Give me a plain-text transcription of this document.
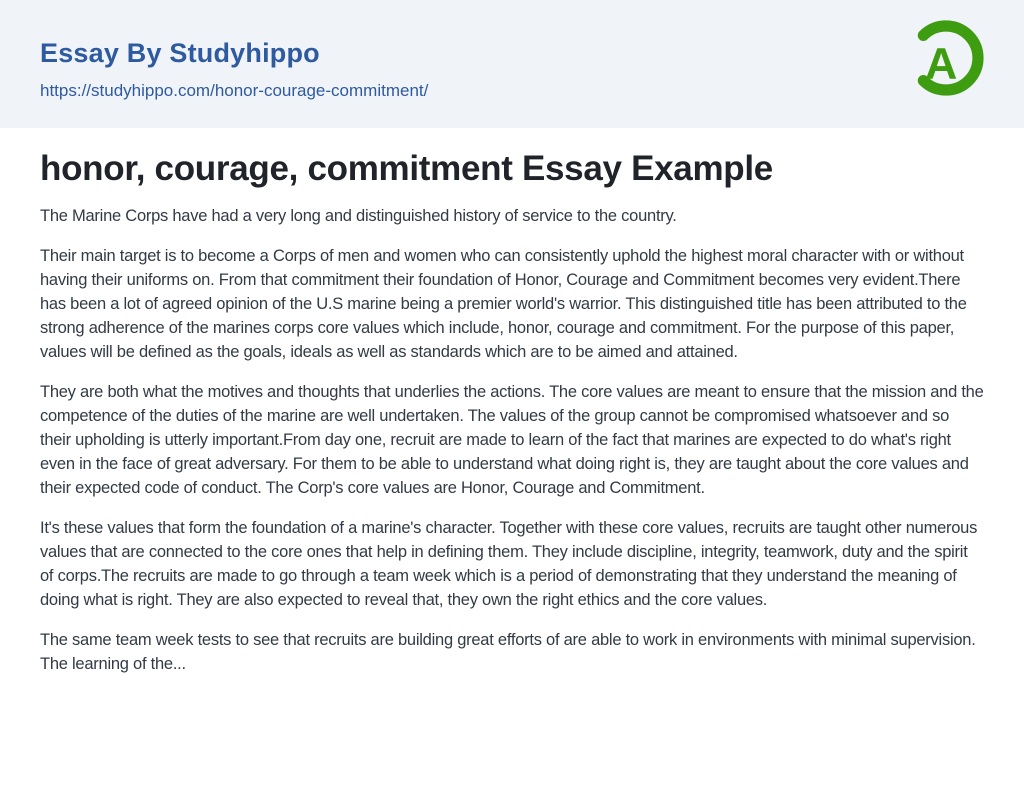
Essay By Studyhippo
https://studyhippo.com/honor-courage-commitment/
A
honor, courage, commitment Essay Example

The Marine Corps have had a very long and distinguished history of service to the country.

Their main target is to become a Corps of men and women who can consistently uphold the highest moral character with or without having their uniforms on. From that commitment their foundation of Honor, Courage and Commitment becomes very evident.There has been a lot of agreed opinion of the U.S marine being a premier world's warrior. This distinguished title has been attributed to the strong adherence of the marines corps core values which include, honor, courage and commitment. For the purpose of this paper, values will be defined as the goals, ideals as well as standards which are to be aimed and attained.

They are both what the motives and thoughts that underlies the actions. The core values are meant to ensure that the mission and the competence of the duties of the marine are well undertaken. The values of the group cannot be compromised whatsoever and so their upholding is utterly important.From day one, recruit are made to learn of the fact that marines are expected to do what's right even in the face of great adversary. For them to be able to understand what doing right is, they are taught about the core values and their expected code of conduct. The Corp's core values are Honor, Courage and Commitment.

It's these values that form the foundation of a marine's character. Together with these core values, recruits are taught other numerous values that are connected to the core ones that help in defining them. They include discipline, integrity, teamwork, duty and the spirit of corps.The recruits are made to go through a team week which is a period of demonstrating that they understand the meaning of doing what is right. They are also expected to reveal that, they own the right ethics and the core values.

The same team week tests to see that recruits are building great efforts of are able to work in environments with minimal supervision. The learning of the...
